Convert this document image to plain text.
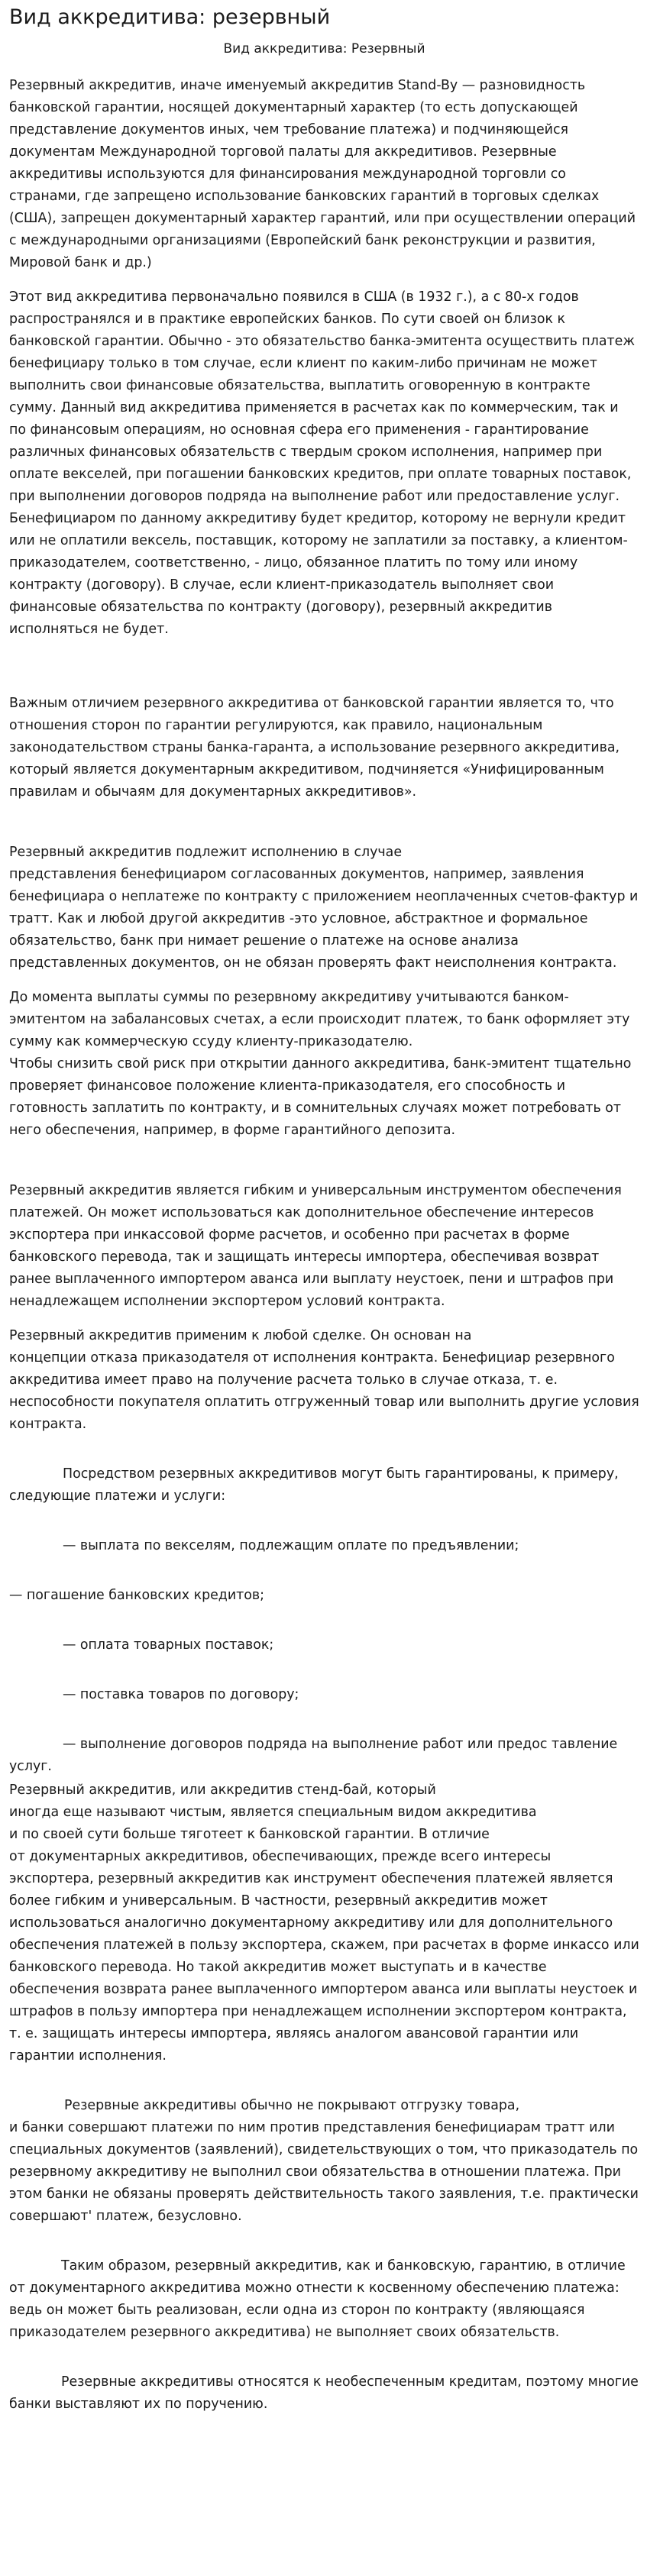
Вид аккредитива: резервный
Вид аккредитива: Резервный

Резервный аккредитив, иначе именуемый аккредитив Stand-By — разновидность банковской гарантии, носящей документарный характер (то есть допускающей представление документов иных, чем требование платежа) и подчиняющейся документам Международной торговой палаты для аккредитивов. Резервные аккредитивы используются для финансирования международной торговли со странами, где запрещено использование банковских гарантий в торговых сделках (США), запрещен документарный характер гарантий, или при осуществлении операций с международными организациями (Европейский банк реконструкции и развития, Мировой банк и др.)

Этот вид аккредитива первоначально появился в США (в 1932 г.), а с 80-х годов распространялся и в практике европейских банков. По сути своей он близок к банковской гарантии. Обычно - это обязательство банка-эмитента осуществить платеж бенефициару только в том случае, если клиент по каким-либо причинам не может выполнить свои финансовые обязательства, выплатить оговоренную в контракте сумму. Данный вид аккредитива применяется в расчетах как по коммерческим, так и по финансовым операциям, но основная сфера его применения - гарантирование различных финансовых обязательств с твердым сроком исполнения, например при оплате векселей, при погашении банковских кредитов, при оплате товарных поставок, при выполнении договоров подряда на выполнение работ или предоставление услуг. Бенефициаром по данному аккредитиву будет кредитор, которому не вернули кредит или не оплатили вексель, поставщик, которому не заплатили за поставку, а клиентом-приказодателем, соответственно, - лицо, обязанное платить по тому или иному контракту (договору). В случае, если клиент-приказодатель выполняет свои финансовые обязательства по контракту (договору), резервный аккредитив исполняться не будет.

Важным отличием резервного аккредитива от банковской гарантии является то, что отношения сторон по гарантии регулируются, как правило, национальным законодательством страны банка-гаранта, а использование резервного аккредитива, который является документарным аккредитивом, подчиняется «Унифицированным правилам и обычаям для документарных аккредитивов».

Резервный аккредитив подлежит исполнению в случае
представления бенефициаром согласованных документов, например, заявления бенефициара о неплатеже по контракту с приложением неоплаченных счетов-фактур и тратт. Как и любой другой аккредитив -это условное, абстрактное и формальное обязательство, банк при нимает решение о платеже на основе анализа представленных документов, он не обязан проверять факт неисполнения контракта.

До момента выплаты суммы по резервному аккредитиву учитываются банком-эмитентом на забалансовых счетах, а если происходит платеж, то банк оформляет эту сумму как коммерческую ссуду клиенту-приказодателю.
Чтобы снизить свой риск при открытии данного аккредитива, банк-эмитент тщательно проверяет финансовое положение клиента-приказодателя, его способность и готовность заплатить по контракту, и в сомнительных случаях может потребовать от него обеспечения, например, в форме гарантийного депозита.

Резервный аккредитив является гибким и универсальным инструментом обеспечения платежей. Он может использоваться как дополнительное обеспечение интересов экспортера при инкассовой форме расчетов, и особенно при расчетах в форме банковского перевода, так и защищать интересы импортера, обеспечивая возврат ранее выплаченного импортером аванса или выплату неустоек, пени и штрафов при ненадлежащем исполнении экспортером условий контракта.

Резервный аккредитив применим к любой сделке. Он основан на
концепции отказа приказодателя от исполнения контракта. Бенефициар резервного аккредитива имеет право на получение расчета только в случае отказа, т. е. неспособности покупателя оплатить отгруженный товар или выполнить другие условия контракта.

Посредством резервных аккредитивов могут быть гарантированы, к примеру, следующие платежи и услуги:

— выплата по векселям, подлежащим оплате по предъявлении;

— погашение банковских кредитов;

— оплата товарных поставок;

— поставка товаров по договору;

— выполнение договоров подряда на выполнение работ или предос тавление услуг.

Резервный аккредитив, или аккредитив стенд-бай, который
иногда еще называют чистым, является специальным видом аккредитива
и по своей сути больше тяготеет к банковской гарантии. В отличие
от документарных аккредитивов, обеспечивающих, прежде всего интересы экспортера, резервный аккредитив как инструмент обеспечения платежей является более гибким и универсальным. В частности, резервный аккредитив может использоваться аналогично документарному аккредитиву или для дополнительного обеспечения платежей в пользу экспортера, скажем, при расчетах в форме инкассо или банковского перевода. Но такой аккредитив может выступать и в качестве обеспечения возврата ранее выплаченного импортером аванса или выплаты неустоек и штрафов в пользу импортера при ненадлежащем исполнении экспортером контракта, т. е. защищать интересы импортера, являясь аналогом авансовой гарантии или гарантии исполнения.

Резервные аккредитивы обычно не покрывают отгрузку товара,
и банки совершают платежи по ним против представления бенефициарам тратт или специальных документов (заявлений), свидетельствующих о том, что приказодатель по резервному аккредитиву не выполнил свои обязательства в отношении платежа. При этом банки не обязаны проверять действительность такого заявления, т.е. практически совершают' платеж, безусловно.

Таким образом, резервный аккредитив, как и банковскую, гарантию, в отличие от документарного аккредитива можно отнести к косвенному обеспечению платежа: ведь он может быть реализован, если одна из сторон по контракту (являющаяся приказодателем резервного аккредитива) не выполняет своих обязательств.

Резервные аккредитивы относятся к необеспеченным кредитам, поэтому многие банки выставляют их по поручению.
